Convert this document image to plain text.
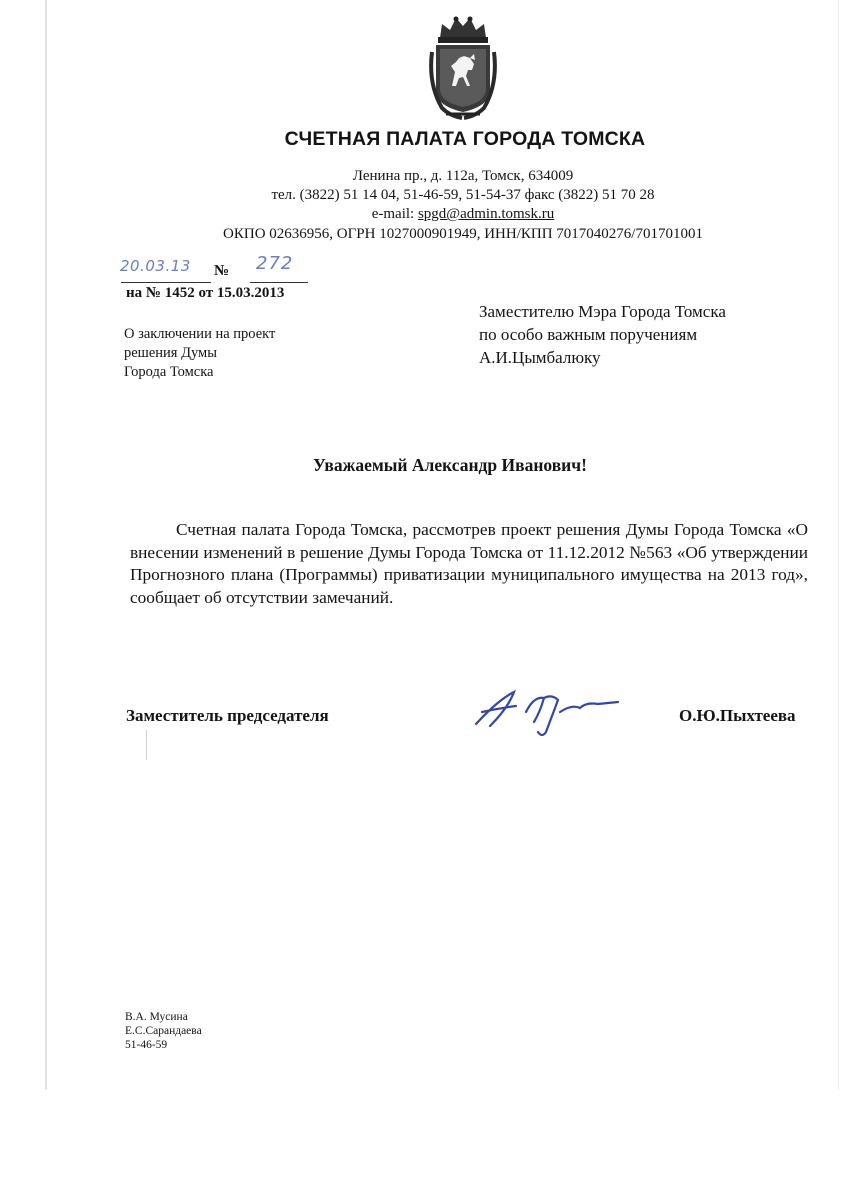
СЧЕТНАЯ ПАЛАТА ГОРОДА ТОМСКА
Ленина пр., д. 112а, Томск, 634009
тел. (3822) 51 14 04, 51-46-59, 51-54-37 факс (3822) 51 70 28
e-mail: spgd@admin.tomsk.ru
ОКПО 02636956, ОГРН 1027000901949, ИНН/КПП 7017040276/701701001
20.03.13 № 272
на № 1452 от 15.03.2013
О заключении на проект
решения Думы
Города Томска
Заместителю Мэра Города Томска
по особо важным поручениям
А.И.Цымбалюку
Уважаемый Александр Иванович!
Счетная палата Города Томска, рассмотрев проект решения Думы Города Томска «О внесении изменений в решение Думы Города Томска от 11.12.2012 №563 «Об утверждении Прогнозного плана (Программы) приватизации муниципального имущества на 2013 год», сообщает об отсутствии замечаний.
Заместитель председателя	О.Ю.Пыхтеева
В.А. Мусина
Е.С.Сарандаева
51-46-59
